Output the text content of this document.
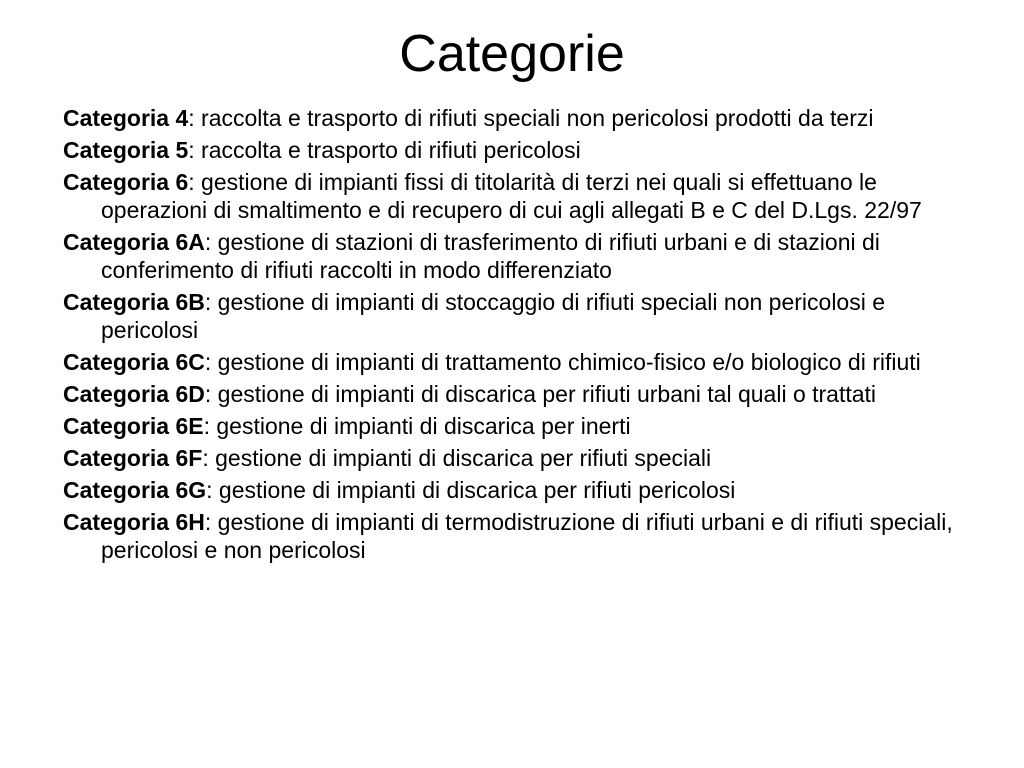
Categorie
Categoria 4: raccolta e trasporto di rifiuti speciali non pericolosi prodotti da terzi
Categoria 5: raccolta e trasporto di rifiuti pericolosi
Categoria 6: gestione di impianti fissi di titolarità di terzi nei quali si effettuano le operazioni di smaltimento e di recupero di cui agli allegati B e C del D.Lgs. 22/97
Categoria 6A: gestione di stazioni di trasferimento di rifiuti urbani e di stazioni di conferimento di rifiuti raccolti in modo differenziato
Categoria 6B: gestione di impianti di stoccaggio di rifiuti speciali non pericolosi e pericolosi
Categoria 6C: gestione di impianti di trattamento chimico-fisico e/o biologico di rifiuti
Categoria 6D: gestione di impianti di discarica per rifiuti urbani tal quali o trattati
Categoria 6E: gestione di impianti di discarica per inerti
Categoria 6F: gestione di impianti di discarica per rifiuti speciali
Categoria 6G: gestione di impianti di discarica per rifiuti pericolosi
Categoria 6H: gestione di impianti di termodistruzione di rifiuti urbani e di rifiuti speciali, pericolosi e non pericolosi
